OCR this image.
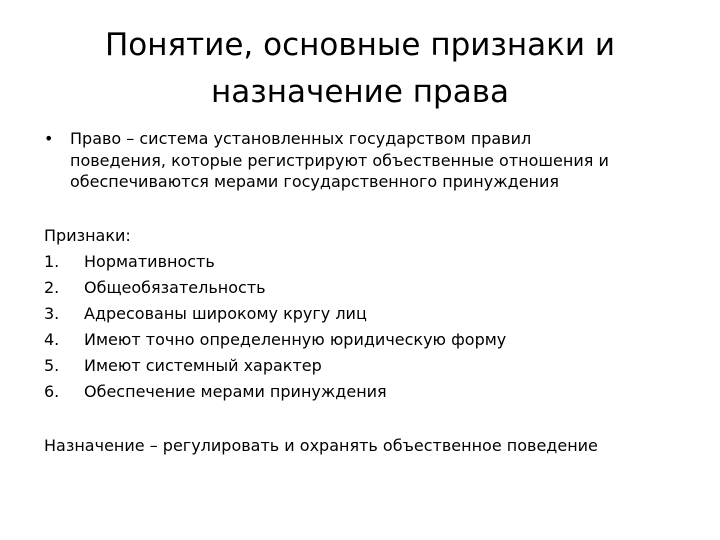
Понятие, основные признаки и
назначение права
• Право – система установленных государством правил
поведения, которые регистрируют объественные отношения и
обеспечиваются мерами государственного принуждения
Признаки:
1. Нормативность
2. Общеобязательность
3. Адресованы широкому кругу лиц
4. Имеют точно определенную юридическую форму
5. Имеют системный характер
6. Обеспечение мерами принуждения
Назначение – регулировать и охранять объественное поведение
